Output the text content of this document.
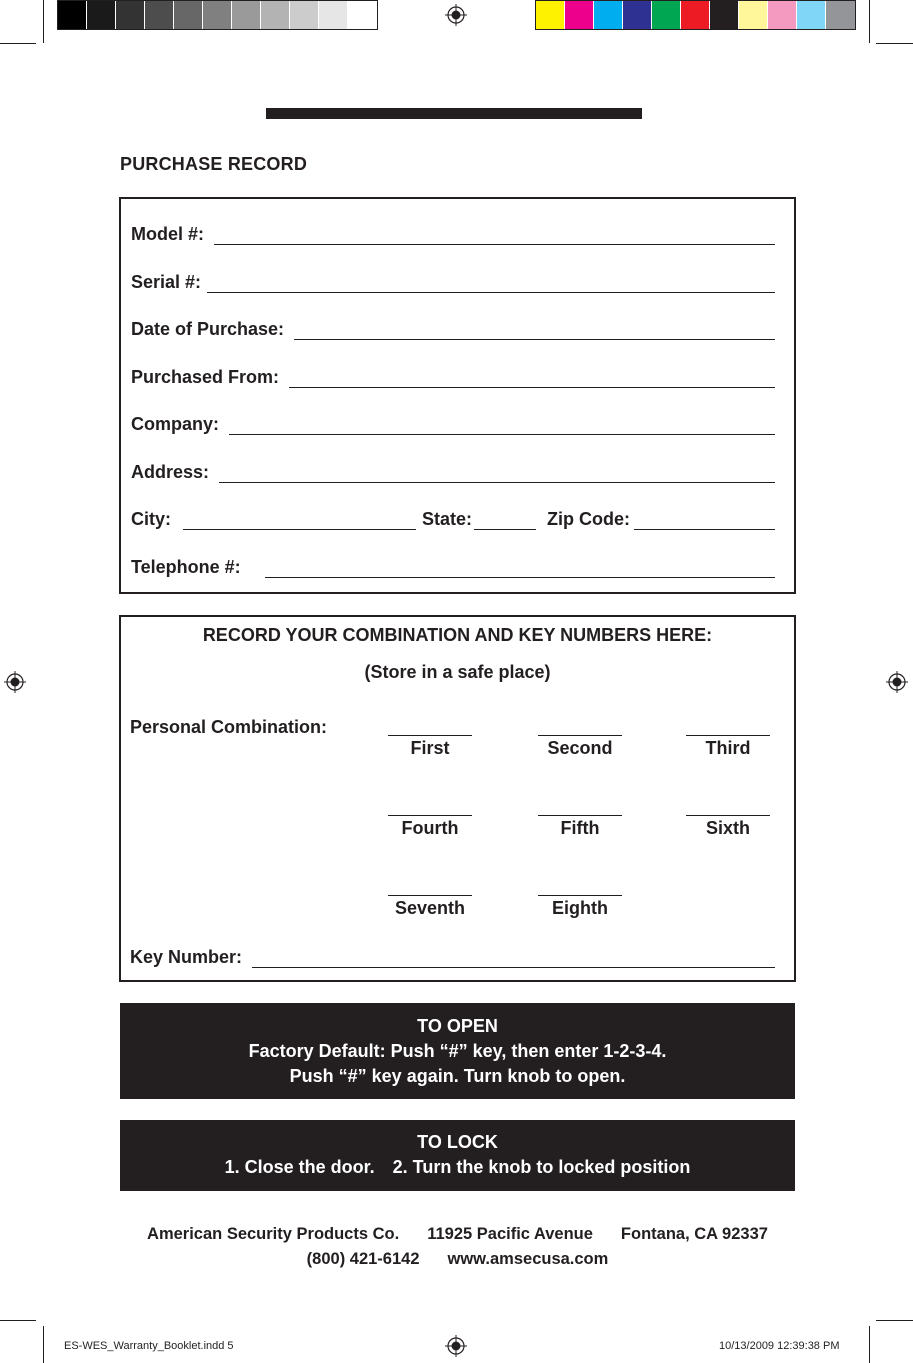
ES-WES_Warranty_Booklet.indd 5	10/13/2009 12:39:38 PM
PURCHASE RECORD
Model #:
Serial #:
Date of Purchase:
Purchased From:
Company:
Address:
City:	State:	Zip Code:
Telephone #:
RECORD YOUR COMBINATION AND KEY NUMBERS HERE:
(Store in a safe place)
Personal Combination:
First	Second	Third
Fourth	Fifth	Sixth
Seventh	Eighth
Key Number:
TO OPEN
Factory Default: Push “#” key, then enter 1-2-3-4.
Push “#” key again. Turn knob to open.
TO LOCK
1. Close the door. 2. Turn the knob to locked position
American Security Products Co. 11925 Paciﬁc Avenue Fontana, CA 92337
(800) 421-6142 www.amsecusa.com
